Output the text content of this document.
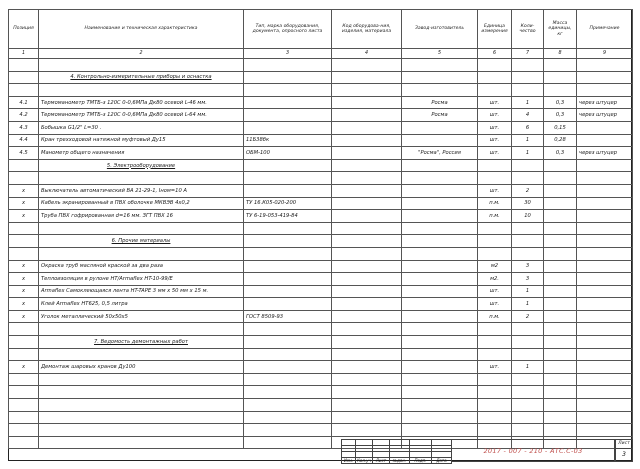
Позиция	Наименование и техническая характеристика	Тип, марка оборудования, документа, опросного листа	Код оборудова-ния, изделия, материала	Завод-изготовитель	Единица измерения	Коли-чество	Масса единицы, кг	Примечание
1	2	3	4	5	6	7	8	9

	4. Контрольно-измерительные приборы и оснастка							

4.1	Термоманометр ТМТБ-з 120С 0-0,6МПа Дк80 осевой L-46 мм.			Росма	шт.	1	0,3	через штуцер
4.2	Термоманометр ТМТБ-з 120С 0-0,6МПа Дк80 осевой L-64 мм.			Росма	шт.	4	0,3	через штуцер
4.3	Бобышка G1/2" L=30 .				шт.	6	0,15	
4.4	Кран трехходовой натяжной муфтовый Ду15	11Б38бк			шт.	1	0,28	
4.5	Манометр общего назначения	ОБМ-100		"Росма", Россия	шт.	1	0,3	через штуцер
	5. Электрооборудование							

х	Выключатель автоматический ВА 21-29-1, Іном=10 А				шт.	2		
х	Кабель экранированный в ПВХ оболочке МКВЭВ 4х0,2	ТУ 16.К05-020-200			п.м.	30		
х	Труба ПВХ гофрированная d=16 мм. ЗГТ ПВХ 16	ТУ 6-19-053-419-84			п.м.	10		

	6. Прочие материалы							

х	Окраска труб масляной краской за два раза				м2	3		
х	Теплоизоляция в рулоне HT/Armaflex HT-10-99/E				м2.	3		
х	Armaflex Самоклеющаяся лента HT-TAPE 3 мм х 50 мм х 15 м.				шт.	1		
х	Клей Armaflex HT625, 0,5 литра				шт.	1		
х	Уголок металлический 50х50х5	ГОСТ 8509-93			п.м.	2		

	7. Ведомость демонтажных работ							

х	Демонтаж шаровых кранов Ду100				шт.	1		

Изм.	Кол.уч	Лист	№док.	Подп.	Дата
2017 - 007 - 210 - АТС.С-03
Лист
3
